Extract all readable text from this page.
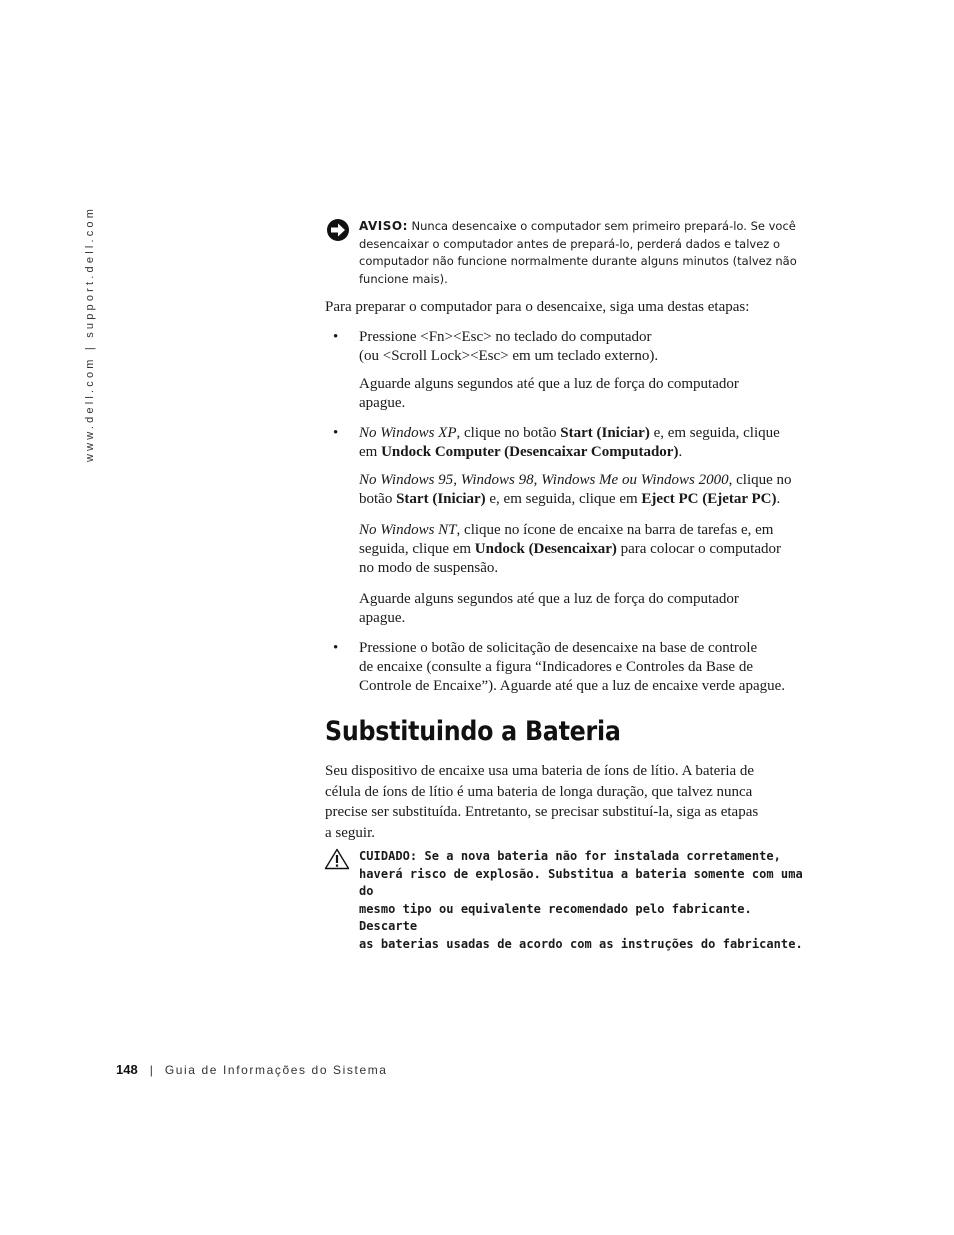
www.dell.com | support.dell.com	AVISO: Nunca desencaixe o computador sem primeiro prepará-lo. Se você
desencaixar o computador antes de prepará-lo, perderá dados e talvez o
computador não funcione normalmente durante alguns minutos (talvez não
funcione mais).

Para preparar o computador para o desencaixe, siga uma destas etapas:

• Pressione <Fn><Esc> no teclado do computador
(ou <Scroll Lock><Esc> em um teclado externo).

Aguarde alguns segundos até que a luz de força do computador
apague.

• No Windows XP, clique no botão Start (Iniciar) e, em seguida, clique
em Undock Computer (Desencaixar Computador).

No Windows 95, Windows 98, Windows Me ou Windows 2000, clique no
botão Start (Iniciar) e, em seguida, clique em Eject PC (Ejetar PC).

No Windows NT, clique no ícone de encaixe na barra de tarefas e, em
seguida, clique em Undock (Desencaixar) para colocar o computador
no modo de suspensão.

Aguarde alguns segundos até que a luz de força do computador
apague.

• Pressione o botão de solicitação de desencaixe na base de controle
de encaixe (consulte a figura “Indicadores e Controles da Base de
Controle de Encaixe”). Aguarde até que a luz de encaixe verde apague.

Substituindo a Bateria

Seu dispositivo de encaixe usa uma bateria de íons de lítio. A bateria de
célula de íons de lítio é uma bateria de longa duração, que talvez nunca
precise ser substituída. Entretanto, se precisar substituí-la, siga as etapas
a seguir.

CUIDADO: Se a nova bateria não for instalada corretamente,
haverá risco de explosão. Substitua a bateria somente com uma do
mesmo tipo ou equivalente recomendado pelo fabricante. Descarte
as baterias usadas de acordo com as instruções do fabricante.
148 | Guia de Informações do Sistema
